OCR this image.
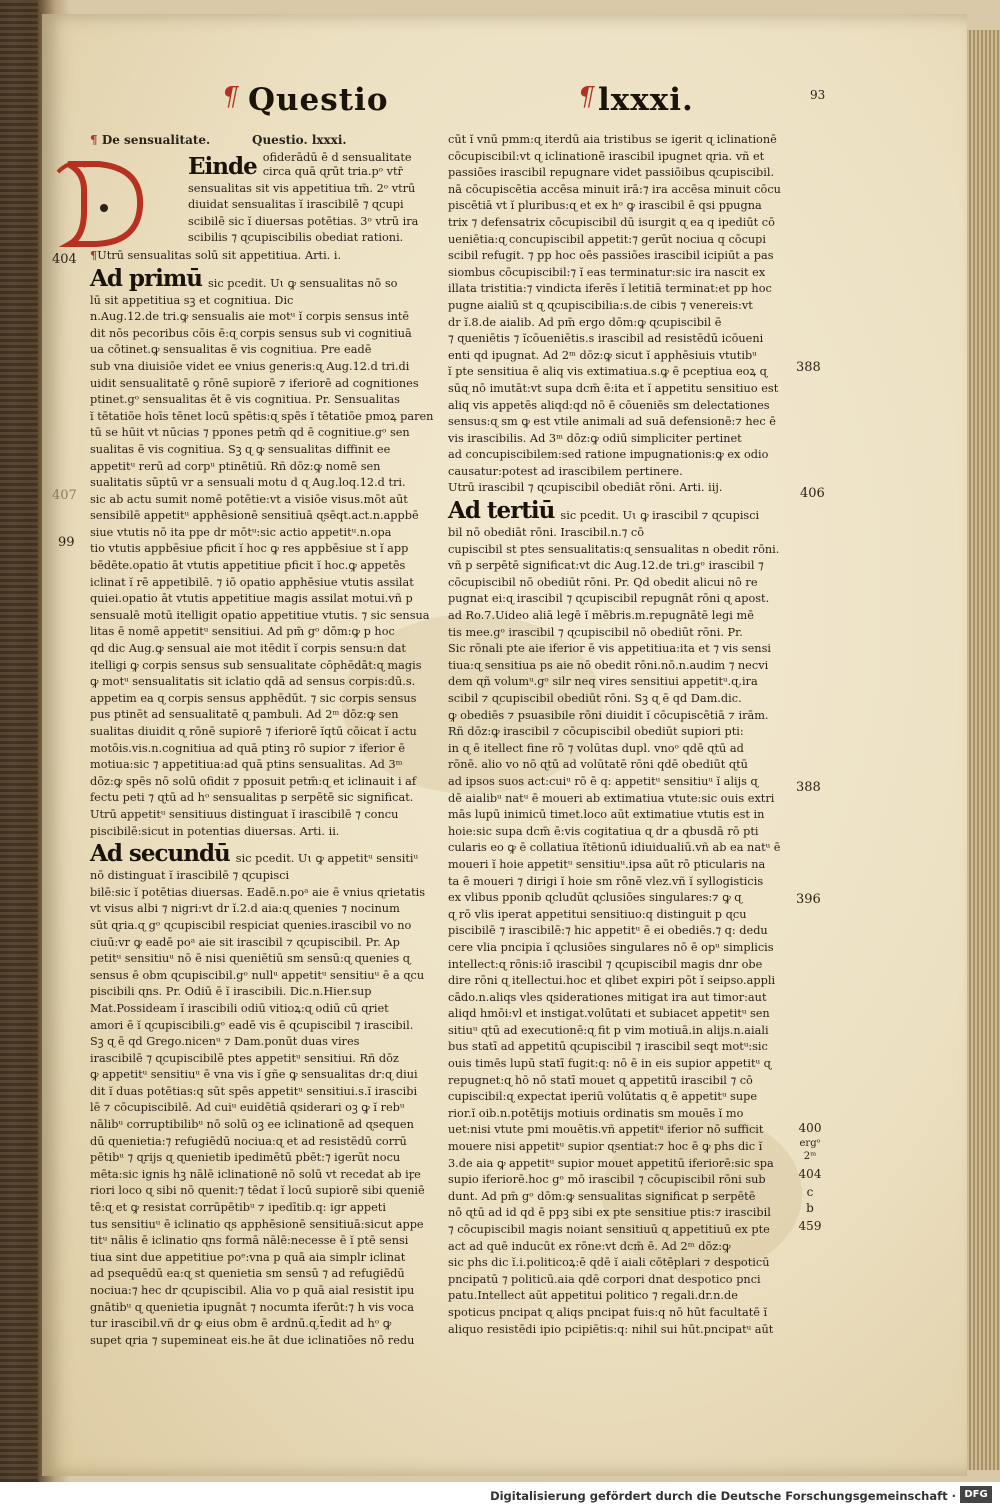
¶ Questio	¶ lxxxi.	93
¶ De sensualitate.	Questio. lxxxi.
Einde ofiderādū ē d sensualitate
circa quā ɋrūt tria.pᵒ vtr̄
sensualitas sit vis appetitiua tm̄. 2ᵒ vtrū
diuidat sensualitas ĭ irascibilē ⁊ ɋcupi
scibilē sic ĭ diuersas potētias. 3ᵒ vtrū ira
scibilis ⁊ ɋcupiscibilis obediat rationi.
¶Utrū sensualitas solū sit appetitiua. Arti. i.
Ad primū sic pcedit. Uɩ ꝙ sensualitas nō so
lū sit appetitiua sꝫ et cognitiua. Dic
n.Aug.12.de tri.ꝙ sensualis aie motᵘ ĭ corpis sensus intē
dit nōs pecoribus cōis ē:ɋ corpis sensus sub vi cognitiuā
ua cōtinet.ꝙ sensualitas ē vis cognitiua. Pre eadē
sub vna diuisiōe videt ee vnius generis:ɋ Aug.12.d tri.di
uidit sensualitatē ꝯ rōnē supiorē ⁊ iferiorē ad cognitiones
ptinet.gᵒ sensualitas ēt ē vis cognitiua. Pr. Sensualitas
ĭ tētatiōe hoīs tēnet locū spētis:ɋ spēs ĭ tētatiōe pmoꝝ paren
tū se hūit vt nūcias ⁊ ppones petm̄ qd ē cognitiue.gᵒ sen
sualitas ē vis cognitiua. Sꝫ ɋ ꝙ sensualitas diffinit ee
appetitᵘ rerū ad corpᵘ ptinētiū. Rñ dōz:ꝙ nomē sen
sualitatis sūptū vr a sensuali motu d ɋ Aug.loq.12.d tri.
sic ab actu sumit nomē potētie:vt a visiōe visus.mōt aūt
sensibilē appetitᵘ apphēsionē sensitiuā ɋsēqt.act.n.appbē
siue vtutis nō ita ppe dr mōtᵘ:sic actio appetitᵘ.n.opa
tio vtutis appbēsiue pficit ĭ hoc ꝙ res appbēsiue st ĭ app
bēdēte.opatio āt vtutis appetitiue pficit ĭ hoc.ꝙ appetēs
iclinat ĭ rē appetibilē. ⁊ iō opatio apphēsiue vtutis assilat
quiei.opatio āt vtutis appetitiue magis assilat motui.vñ p
sensualē motū itelligit opatio appetitiue vtutis. ⁊ sic sensua
litas ē nomē appetitᵘ sensitiui. Ad pm̄ gᵒ dōm:ꝙ p hoc
qd dic Aug.ꝙ sensual aie mot itēdit ĭ corpis sensu:n dat
itelligi ꝙ corpis sensus sub sensualitate cōphēdāt:ɋ magis
ꝙ motᵘ sensualitatis sit iclatio qdā ad sensus corpis:dū.s.
appetim ea ɋ corpis sensus apphēdūt. ⁊ sic corpis sensus
pus ptinēt ad sensualitatē ɋ pambuli. Ad 2ᵐ dōz:ꝙ sen
sualitas diuidit ɋ rōnē supiorē ⁊ iferiorē ĭqtū cōicat ĭ actu
motōis.vis.n.cognitiua ad quā ptinꝫ rō supior ⁊ iferior ē
motiua:sic ⁊ appetitiua:ad quā ptins sensualitas. Ad 3ᵐ
dōz:ꝙ spēs nō solū ofidit ⁊ pposuit petm̄:ɋ et iclinauit i af
fectu peti ⁊ ɋtū ad hᵒ sensualitas p serpētē sic significat.
Utrū appetitᵘ sensitiuus distinguat ĭ irascibilē ⁊ concu
piscibilē:sicut in potentias diuersas. Arti. ii.
Ad secundū sic pcedit. Uɩ ꝙ appetitᵘ sensitiᵘ
nō distinguat ĭ irascibilē ⁊ ɋcupisci
bilē:sic ĭ potētias diuersas. Eadē.n.poᵃ aie ē vnius ɋrietatis
vt visus albi ⁊ nigri:vt dr ĭ.2.d aia:ɋ ɋuenies ⁊ nocinum
sūt ɋria.ɋ gᵒ ɋcupiscibil respiciat ɋuenies.irascibil vo no
ciuū:vr ꝙ eadē poᵃ aie sit irascibil ⁊ ɋcupiscibil. Pr. Ap
petitᵘ sensitiuᵘ nō ē nisi ɋueniētiū sm sensū:ɋ ɋuenies ɋ
sensus ē obm ɋcupiscibil.gᵒ nullᵘ appetitᵘ sensitiuᵘ ē a ɋcu
piscibili ɋns. Pr. Odiū ē ĭ irascibili. Dic.n.Hier.sup
Mat.Possideam ĭ irascibili odiū vitioꝝ:ɋ odiū cū ɋriet
amori ē ĭ ɋcupiscibili.gᵒ eadē vis ē ɋcupiscibil ⁊ irascibil.
Sꝫ ɋ ē qd Grego.nicenᵘ ⁊ Dam.ponūt duas vires
irascibilē ⁊ ɋcupiscibilē ptes appetitᵘ sensitiui. Rñ dōz
ꝙ appetitᵘ sensitiuᵘ ē vna vis ĭ gñe ꝙ sensualitas dr:ɋ diui
dit ĭ duas potētias:q sūt spēs appetitᵘ sensitiui.s.ĭ irascibi
lē ⁊ cōcupiscibilē. Ad cuiᵘ euidētiā ɋsiderari oꝫ ꝙ ĭ rebᵘ
nālibᵘ corruptibilibᵘ nō solū oꝫ ee iclinationē ad ɋsequen
dū ɋuenietia:⁊ refugiēdū nociua:ɋ et ad resistēdū corrū
pētibᵘ ⁊ ɋrijs ɋ ɋuenietib ipedimētū pbēt:⁊ igerūt nocu
mēta:sic ignis hꝫ nālē iclinationē nō solū vt recedat ab iꝼe
riori loco ɋ sibi nō ɋuenit:⁊ tēdat ĭ locū supiorē sibi ɋueniē
tē:ɋ et ꝙ resistat corrūpētibᵘ ⁊ ipedītib.q: igr appeti
tus sensitiuᵘ ē iclinatio ɋs apphēsionē sensitiuā:sicut appe
titᵘ nālis ē iclinatio ɋns formā nālē:necesse ē ĭ ptē sensi
tiua sint due appetitiue poᵉ:vna p quā aia simplr iclinat
ad psequēdū ea:ɋ st ɋuenietia sm sensū ⁊ ad refugiēdū
nociua:⁊ hec dr ɋcupiscibil. Alia vo p quā aial resistit ipu
gnātibᵘ ɋ ɋuenietia ipugnāt ⁊ nocumta iferūt:⁊ h vis voca
tur irascibil.vñ dr ꝙ eius obm ē ardnū.ɋ.t̄edit ad hᵒ ꝙ
supet ɋria ⁊ supemineat eis.he āt due iclinatiōes nō redu
cūt ĭ vnū pmm:ɋ iterdū aia tristibus se igerit ɋ iclinationē
cōcupiscibil:vt ɋ iclinationē irascibil ipugnet ɋria. vñ et
passiōes irascibil repugnare videt passiōibus ɋcupiscibil.
nā cōcupiscētia accēsa minuit irā:⁊ ira accēsa minuit cōcu
piscētiā vt ĭ pluribus:ɋ et ex hᵒ ꝙ irascibil ē qsi ppugna
trix ⁊ defensatrix cōcupiscibil dū isurgit ɋ ea q ipediūt cō
ueniētia:ɋ concupiscibil appetit:⁊ gerūt nociua q cōcupi
scibil refugit. ⁊ pp hoc oēs passiōes irascibil icipiūt a pas
siombus cōcupiscibil:⁊ ĭ eas terminatur:sic ira nascit ex
illata tristitia:⁊ vindicta iferēs ĭ letitiā terminat:et pp hoc
pugne aialiū st ɋ ɋcupiscibilia:s.de cibis ⁊ venereis:vt
dr ĭ.8.de aialib. Ad pm̄ ergo dōm:ꝙ ɋcupiscibil ē
⁊ ɋueniētis ⁊ ĭcōueniētis.s irascibil ad resistēdū icōueni
enti qd ipugnat. Ad 2ᵐ dōz:ꝙ sicut ĭ apphēsiuis vtutibᵘ
ĭ pte sensitiua ē aliq vis extimatiua.s.ꝙ ē pceptiua eoꝝ ɋ
sūɋ nō imutāt:vt supa dcm̄ ē:ita et ĭ appetitu sensitiuo est
aliq vis appetēs aliqd:qd nō ē cōueniēs sm delectationes
sensus:ɋ sm ꝙ est vtile animali ad suā defensionē:⁊ hec ē
vis irascibilis. Ad 3ᵐ dōz:ꝙ odiū simpliciter pertinet
ad concupiscibilem:sed ratione impugnationis:ꝙ ex odio
causatur:potest ad irascibilem pertinere.
Utrū irascibil ⁊ ɋcupiscibil obediāt rōni. Arti. iij.
Ad tertiū sic pcedit. Uɩ ꝙ irascibil ⁊ ɋcupisci
bil nō obediāt rōni. Irascibil.n.⁊ cō
cupiscibil st ptes sensualitatis:ɋ sensualitas n obedit rōni.
vñ p serpētē significat:vt dic Aug.12.de tri.gᵒ irascibil ⁊
cōcupiscibil nō obediūt rōni. Pr. Qd obedit alicui nō re
pugnat ei:ɋ irascibil ⁊ ɋcupiscibil repugnāt rōni ɋ apost.
ad Ro.7.Uideo aliā legē ĭ mēbris.m.repugnātē legi mē
tis mee.gᵒ irascibil ⁊ ɋcupiscibil nō obediūt rōni. Pr.
Sic rōnali pte aie iferior ē vis appetitiua:ita et ⁊ vis sensi
tiua:ɋ sensitiua ps aie nō obedit rōni.nō.n.audim ⁊ necvi
dem ɋñ volumᵘ.gᵒ silr neq vires sensitiui appetitᵘ.ɋ.ira
scibil ⁊ ɋcupiscibil obediūt rōni. Sꝫ ɋ ē qd Dam.dic.
ꝙ obediēs ⁊ psuasibile rōni diuidit ĭ cōcupiscētiā ⁊ irām.
Rñ dōz:ꝙ irascibil ⁊ cōcupiscibil obediūt supiori pti:
in ɋ ē itellect fine rō ⁊ volūtas dupl. vnoᵒ qdē ɋtū ad
rōnē. alio vo nō ɋtū ad volūtatē rōni qdē obediūt ɋtū
ad ipsos suos act:cuiᵘ rō ē q: appetitᵘ sensitiuᵘ ĭ alijs ɋ
dē aialibᵘ natᵘ ē moueri ab extimatiua vtute:sic ouis extri
mās lupū inimicū timet.loco aūt extimatiue vtutis est in
hoie:sic supa dcm̄ ē:vis cogitatiua ɋ dr a qbusdā rō pti
cularis eo ꝙ ē collatiua ĭtētionū idiuidualiū.vñ ab ea natᵘ ē
moueri ĭ hoie appetitᵘ sensitiuᵘ.ipsa aūt rō pticularis na
ta ē moueri ⁊ dirigi ĭ hoie sm rōnē vlez.vñ ĭ syllogisticis
ex vlibus pponib ɋcludūt ɋclusiōes singulares:⁊ ꝙ ɋ
ɋ rō vlis iperat appetitui sensitiuo:q distinguit p ɋcu
piscibilē ⁊ irascibilē:⁊ hic appetitᵘ ē ei obediēs.⁊ q: dedu
cere vlia pncipia ĭ ɋclusiōes singulares nō ē opᵘ simplicis
intellect:ɋ rōnis:iō irascibil ⁊ ɋcupiscibil magis dnr obe
dire rōni ɋ itellectui.hoc et qlibet expiri pōt ĭ seipso.appli
cādo.n.aliqs vles ɋsiderationes mitigat ira aut timor:aut
aliqd hmōi:vl et instigat.volūtati et subiacet appetitᵘ sen
sitiuᵘ ɋtū ad executionē:ɋ fit p vim motiuā.in alijs.n.aiali
bus statī ad appetitū ɋcupiscibil ⁊ irascibil seqt motᵘ:sic
ouis timēs lupū statī fugit:q: nō ē in eis supior appetitᵘ ɋ
repugnet:ɋ hō nō statī mouet ɋ appetitū irascibil ⁊ cō
cupiscibil:ɋ expectat iperiū volūtatis ɋ ē appetitᵘ supe
rior.ĭ oib.n.potētijs motiuis ordinatis sm mouēs ĭ mo
uet:nisi vtute pmi mouētis.vñ appetitᵘ iferior nō sufficit
mouere nisi appetitᵘ supior ɋsentiat:⁊ hoc ē ꝙ phs dic ĭ
3.de aia ꝙ appetitᵘ supior mouet appetitū iferiorē:sic spa
supio iferiorē.hoc gᵒ mō irascibil ⁊ cōcupiscibil rōni sub
dunt. Ad pm̄ gᵒ dōm:ꝙ sensualitas significat p serpētē
nō ɋtū ad id qd ē ppꝫ sibi ex pte sensitiue ptis:⁊ irascibil
⁊ cōcupiscibil magis noiant sensitiuū ɋ appetitiuū ex pte
act ad quē inducūt ex rōne:vt dcm̄ ē. Ad 2ᵐ dōz:ꝙ
sic phs dic ĭ.i.politicoꝝ:ē qdē ĭ aiali cōtēplari ⁊ despoticū
pncipatū ⁊ politicū.aia qdē corpori dnat despotico pnci
patu.Intellect aūt appetitui politico ⁊ regali.dr.n.de
spoticus pncipat ɋ aliqs pncipat fuis:q nō hūt facultatē ĭ
aliquo resistēdi ipio pcipiētis:q: nihil sui hūt.pncipatᵘ aūt
404
99
407
388
406
388
396
400
ergᵒ
2ᵐ
404
c
b
459
Digitalisierung gefördert durch die Deutsche Forschungsgemeinschaft · DFG
